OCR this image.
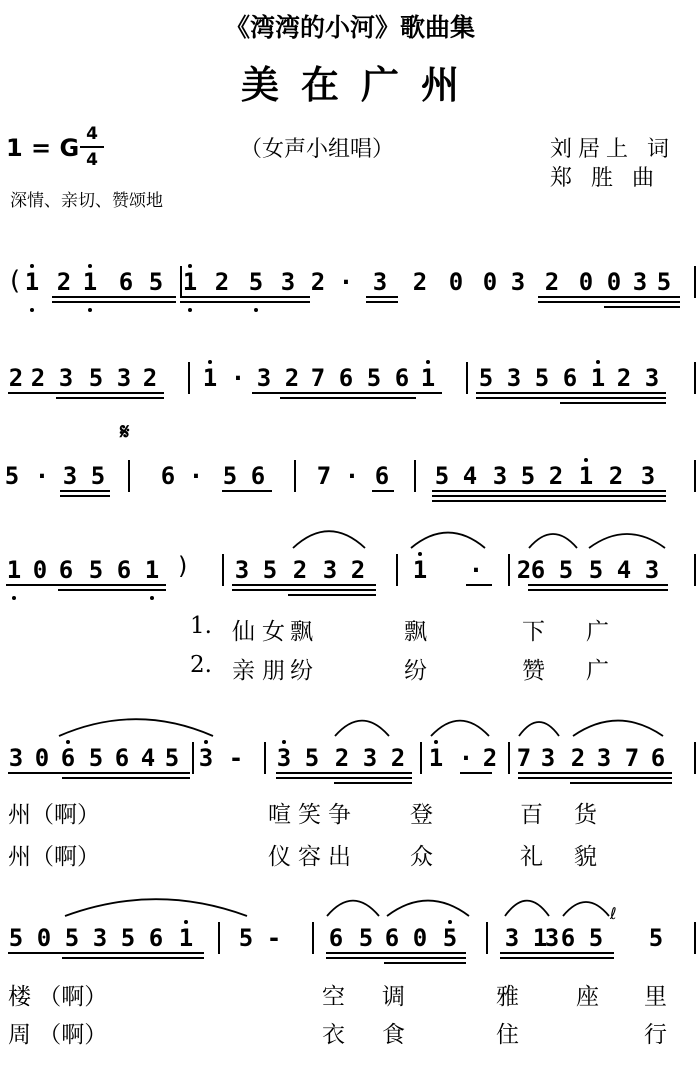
《湾湾的小河》歌曲集
美在广州
1 = G 4
4	（女声小组唱）	刘居上 词
郑 胜 曲
深情、亲切、赞颂地
1 2 1 6 5 1 2 5 3 2 · 3 2 0 0 3 2 0 0 3 5
2 2 3 5 3 2 1 · 3 2 7 6 5 6 1 5 3 5 6 1 2 3
5 · 3 5 6 · 5 6 7 · 6 5 4 3 5 2 1 2 3
1 0 6 5 6 1	3 5 2 3 2 1 · 6 5 5 4 3
2
1. 仙 女 飘	飘	下 广
2. 亲 朋 纷	纷	赞 广
3 0 6 5 6 4 5 3 - 3 5 2 3 2 1 · 2 7 3 2 3 7 6
州（啊）	喧 笑 争	登	百 货
州（啊）	仪 容 出	众	礼 貌
5 0 5 3 5 6 1 5 - 6 5 6 0 5 3 1 6 5 5
3
楼 （啊）	空 调	雅 座 里
周 （啊）	衣 食	住	行
(
)
𝄋
ℓ
